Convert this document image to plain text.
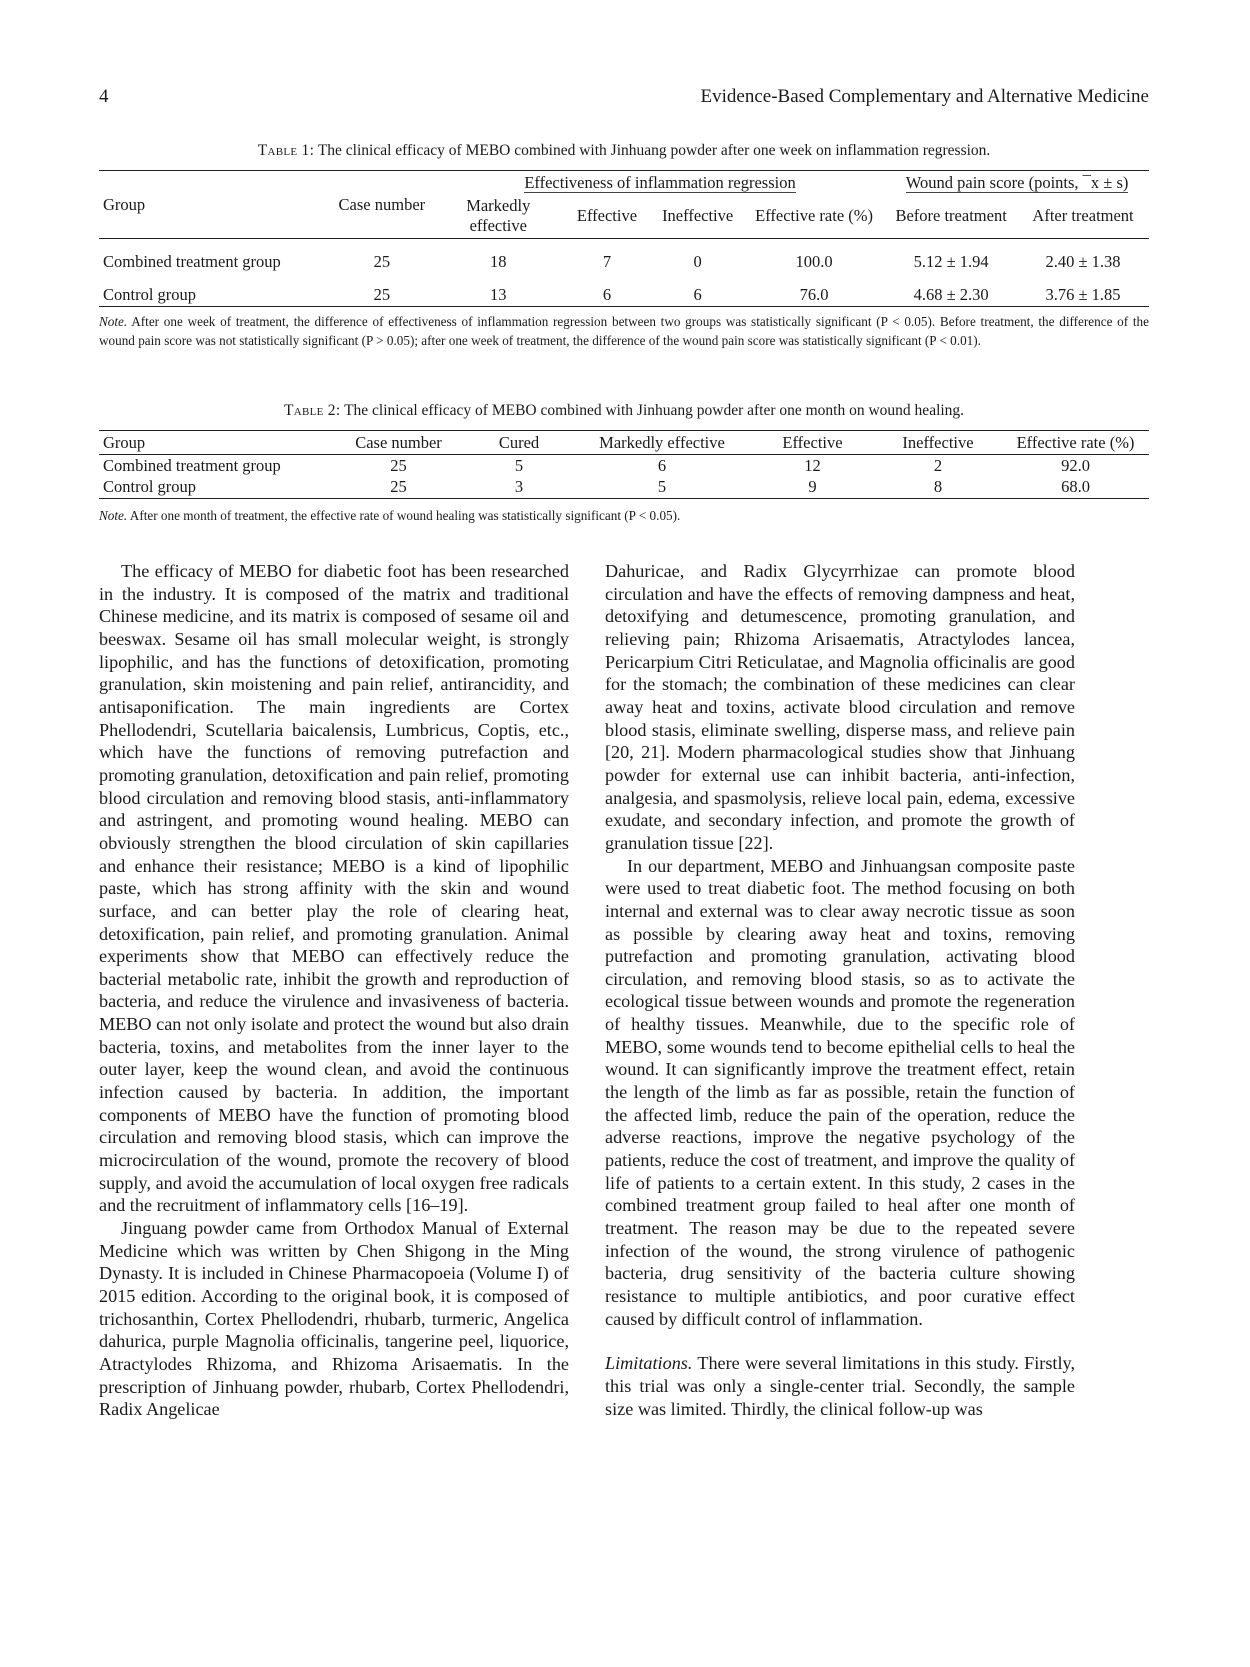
4	Evidence-Based Complementary and Alternative Medicine
Table 1: The clinical efficacy of MEBO combined with Jinhuang powder after one week on inflammation regression.
Group	Case number	Effectiveness of inflammation regression				Wound pain score (points, ¯x ± s)	
		Markedly effective	Effective	Ineffective	Effective rate (%)	Before treatment	After treatment
Combined treatment group	25	18	7	0	100.0	5.12 ± 1.94	2.40 ± 1.38
Control group	25	13	6	6	76.0	4.68 ± 2.30	3.76 ± 1.85
Note. After one week of treatment, the difference of effectiveness of inflammation regression between two groups was statistically significant (P < 0.05). Before treatment, the difference of the wound pain score was not statistically significant (P > 0.05); after one week of treatment, the difference of the wound pain score was statistically significant (P < 0.01).
Table 2: The clinical efficacy of MEBO combined with Jinhuang powder after one month on wound healing.
Group	Case number	Cured	Markedly effective	Effective	Ineffective	Effective rate (%)
Combined treatment group	25	5	6	12	2	92.0
Control group	25	3	5	9	8	68.0
Note. After one month of treatment, the effective rate of wound healing was statistically significant (P < 0.05).

The efficacy of MEBO for diabetic foot has been researched in the industry. It is composed of the matrix and traditional Chinese medicine, and its matrix is composed of sesame oil and beeswax. Sesame oil has small molecular weight, is strongly lipophilic, and has the functions of detoxification, promoting granulation, skin moistening and pain relief, antirancidity, and antisaponification. The main ingredients are Cortex Phellodendri, Scutellaria baicalensis, Lumbricus, Coptis, etc., which have the functions of removing putrefaction and promoting granulation, detoxification and pain relief, promoting blood circulation and removing blood stasis, anti-inflammatory and astringent, and promoting wound healing. MEBO can obviously strengthen the blood circulation of skin capillaries and enhance their resistance; MEBO is a kind of lipophilic paste, which has strong affinity with the skin and wound surface, and can better play the role of clearing heat, detoxification, pain relief, and promoting granulation. Animal experiments show that MEBO can effectively reduce the bacterial metabolic rate, inhibit the growth and reproduction of bacteria, and reduce the virulence and invasiveness of bacteria. MEBO can not only isolate and protect the wound but also drain bacteria, toxins, and metabolites from the inner layer to the outer layer, keep the wound clean, and avoid the continuous infection caused by bacteria. In addition, the important components of MEBO have the function of promoting blood circulation and removing blood stasis, which can improve the microcirculation of the wound, promote the recovery of blood supply, and avoid the accumulation of local oxygen free radicals and the recruitment of inflammatory cells [16–19].

Jinguang powder came from Orthodox Manual of External Medicine which was written by Chen Shigong in the Ming Dynasty. It is included in Chinese Pharmacopoeia (Volume I) of 2015 edition. According to the original book, it is composed of trichosanthin, Cortex Phellodendri, rhubarb, turmeric, Angelica dahurica, purple Magnolia officinalis, tangerine peel, liquorice, Atractylodes Rhizoma, and Rhizoma Arisaematis. In the prescription of Jinhuang powder, rhubarb, Cortex Phellodendri, Radix Angelicae

Dahuricae, and Radix Glycyrrhizae can promote blood circulation and have the effects of removing dampness and heat, detoxifying and detumescence, promoting granulation, and relieving pain; Rhizoma Arisaematis, Atractylodes lancea, Pericarpium Citri Reticulatae, and Magnolia officinalis are good for the stomach; the combination of these medicines can clear away heat and toxins, activate blood circulation and remove blood stasis, eliminate swelling, disperse mass, and relieve pain [20, 21]. Modern pharmacological studies show that Jinhuang powder for external use can inhibit bacteria, anti-infection, analgesia, and spasmolysis, relieve local pain, edema, excessive exudate, and secondary infection, and promote the growth of granulation tissue [22].

In our department, MEBO and Jinhuangsan composite paste were used to treat diabetic foot. The method focusing on both internal and external was to clear away necrotic tissue as soon as possible by clearing away heat and toxins, removing putrefaction and promoting granulation, activating blood circulation, and removing blood stasis, so as to activate the ecological tissue between wounds and promote the regeneration of healthy tissues. Meanwhile, due to the specific role of MEBO, some wounds tend to become epithelial cells to heal the wound. It can significantly improve the treatment effect, retain the length of the limb as far as possible, retain the function of the affected limb, reduce the pain of the operation, reduce the adverse reactions, improve the negative psychology of the patients, reduce the cost of treatment, and improve the quality of life of patients to a certain extent. In this study, 2 cases in the combined treatment group failed to heal after one month of treatment. The reason may be due to the repeated severe infection of the wound, the strong virulence of pathogenic bacteria, drug sensitivity of the bacteria culture showing resistance to multiple antibiotics, and poor curative effect caused by difficult control of inflammation.

Limitations. There were several limitations in this study. Firstly, this trial was only a single-center trial. Secondly, the sample size was limited. Thirdly, the clinical follow-up was
